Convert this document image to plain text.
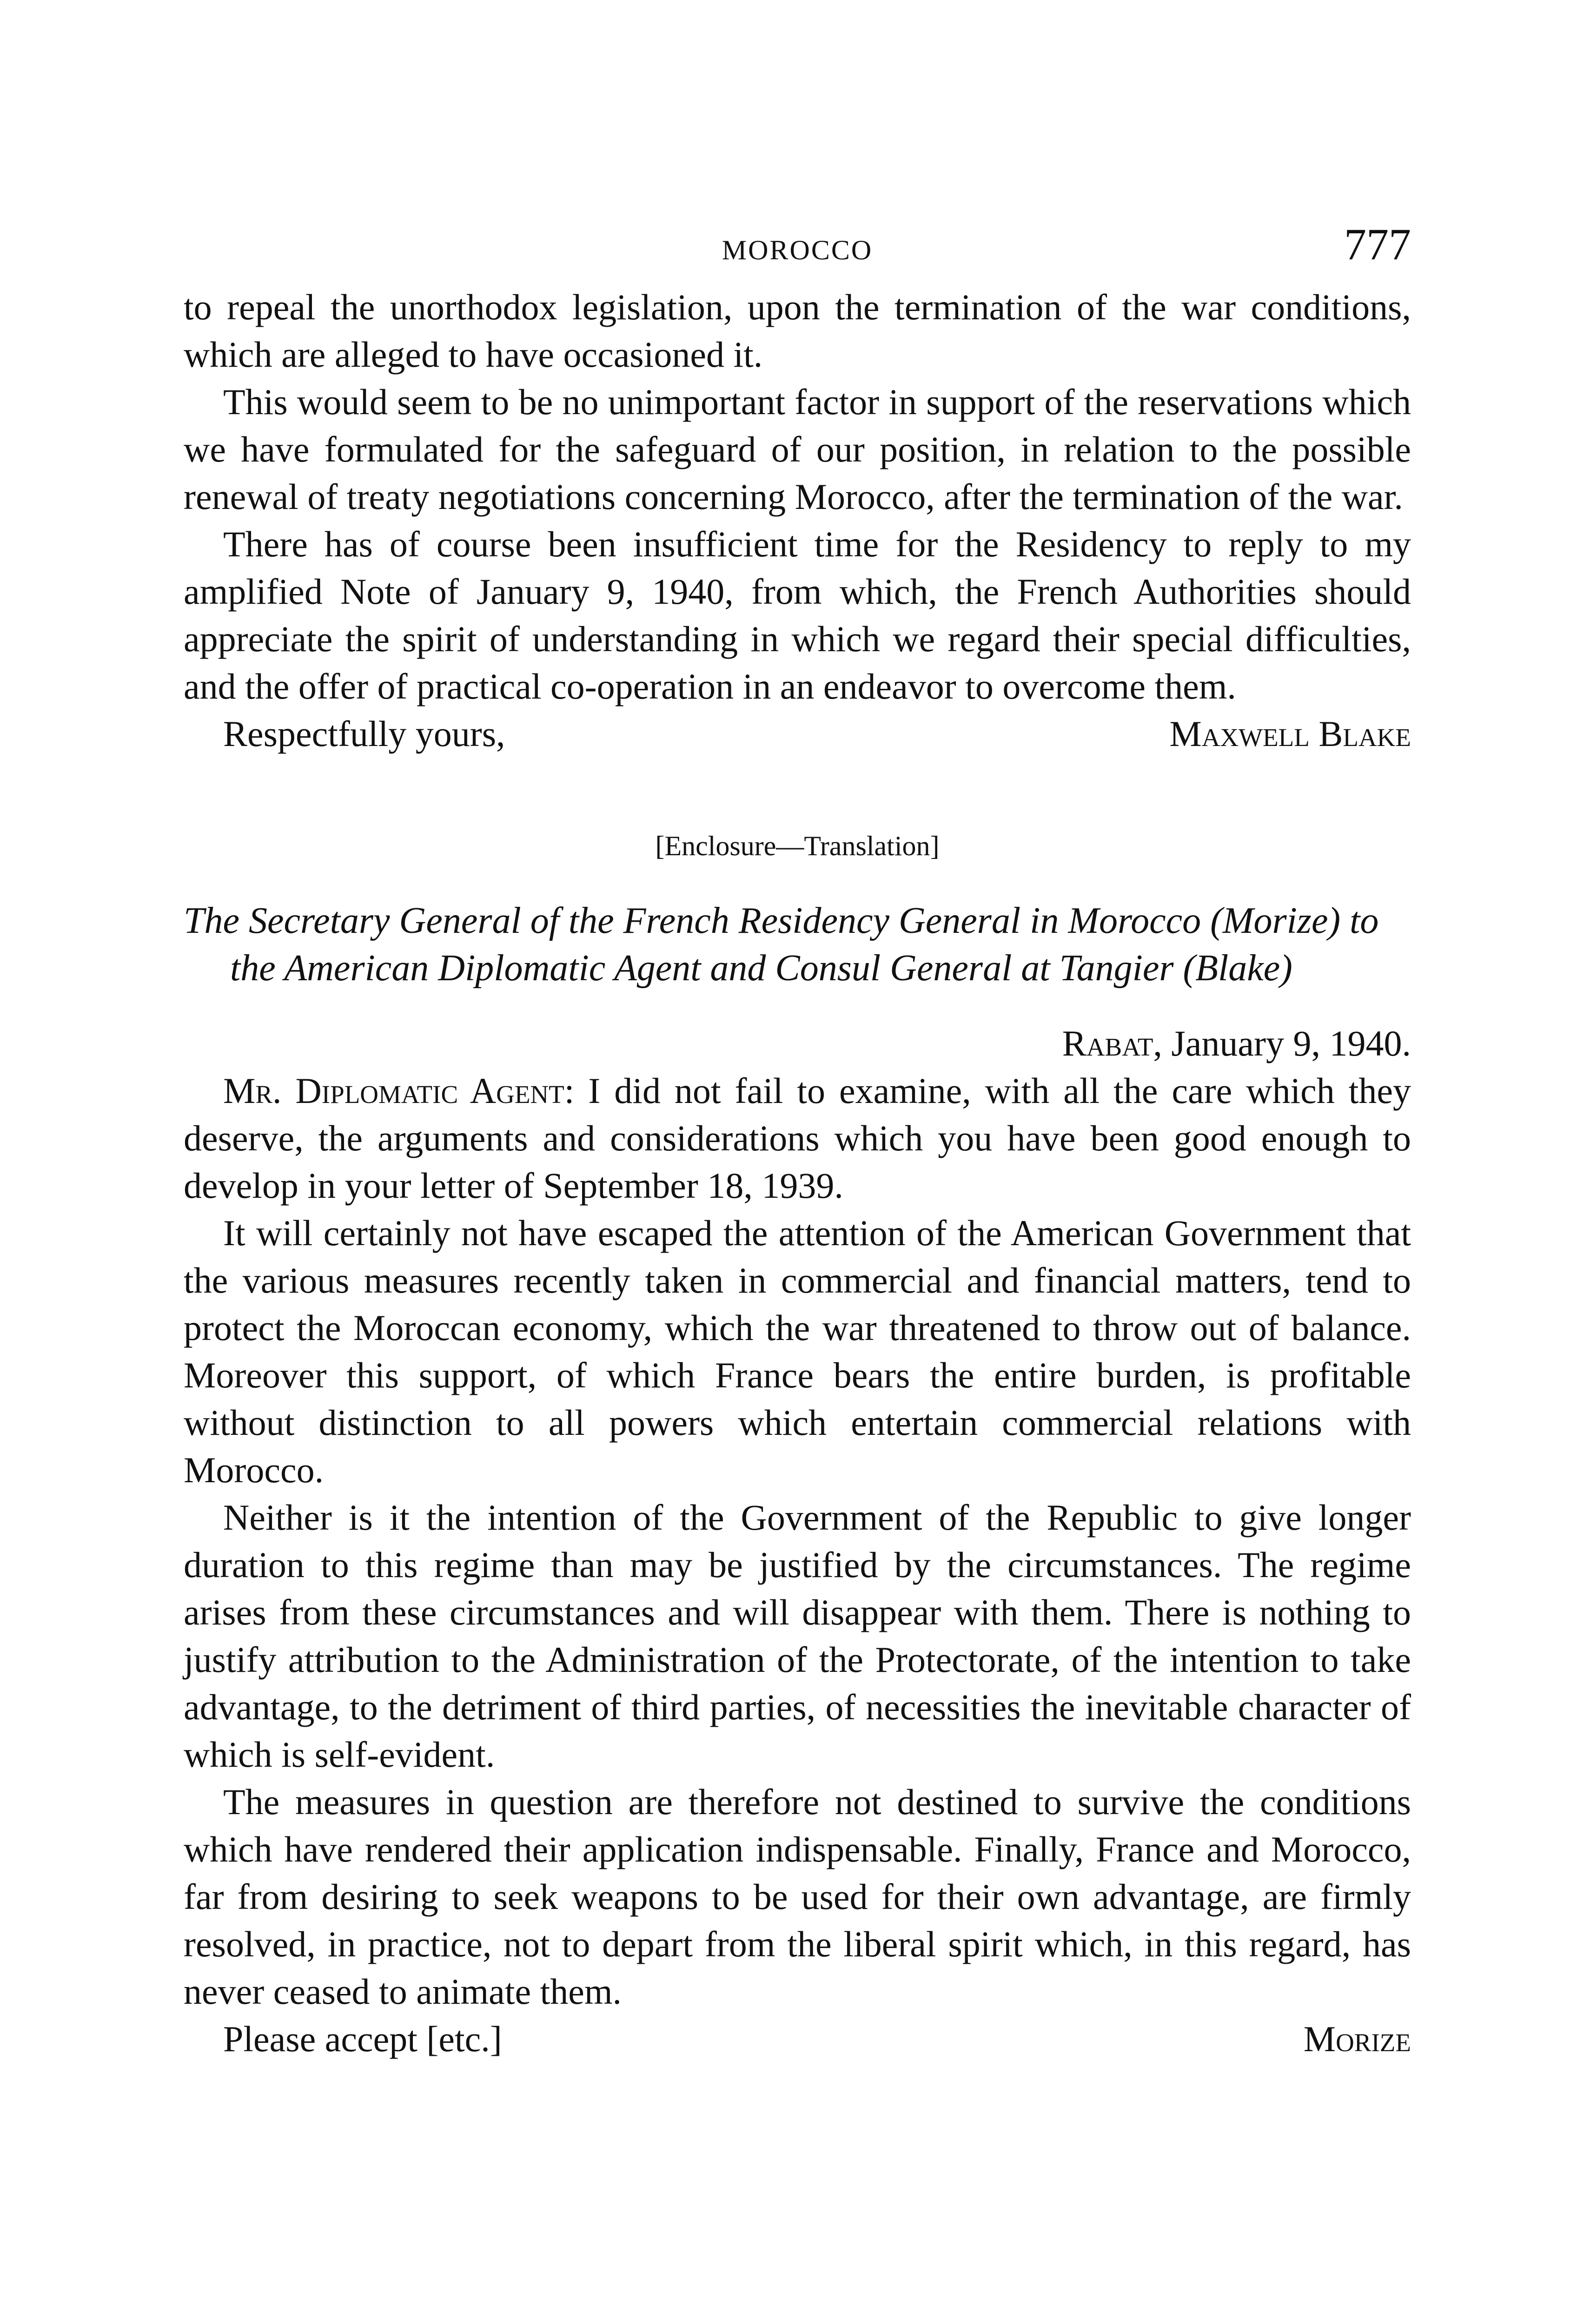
MOROCCO	777

to repeal the unorthodox legislation, upon the termination of the war conditions, which are alleged to have occasioned it.

This would seem to be no unimportant factor in support of the reservations which we have formulated for the safeguard of our position, in relation to the possible renewal of treaty negotiations concerning Morocco, after the termination of the war.

There has of course been insufficient time for the Residency to reply to my amplified Note of January 9, 1940, from which, the French Authorities should appreciate the spirit of understanding in which we regard their special difficulties, and the offer of practical co-operation in an endeavor to overcome them.

Respectfully yours,	Maxwell Blake
[Enclosure—Translation]
The Secretary General of the French Residency General in Morocco (Morize) to the American Diplomatic Agent and Consul General at Tangier (Blake)
Rabat, January 9, 1940.

Mr. Diplomatic Agent: I did not fail to examine, with all the care which they deserve, the arguments and considerations which you have been good enough to develop in your letter of September 18, 1939.

It will certainly not have escaped the attention of the American Government that the various measures recently taken in commercial and financial matters, tend to protect the Moroccan economy, which the war threatened to throw out of balance. Moreover this support, of which France bears the entire burden, is profitable without distinction to all powers which entertain commercial relations with Morocco.

Neither is it the intention of the Government of the Republic to give longer duration to this regime than may be justified by the circumstances. The regime arises from these circumstances and will disappear with them. There is nothing to justify attribution to the Administration of the Protectorate, of the intention to take advantage, to the detriment of third parties, of necessities the inevitable character of which is self-evident.

The measures in question are therefore not destined to survive the conditions which have rendered their application indispensable. Finally, France and Morocco, far from desiring to seek weapons to be used for their own advantage, are firmly resolved, in practice, not to depart from the liberal spirit which, in this regard, has never ceased to animate them.

Please accept [etc.]	Morize
